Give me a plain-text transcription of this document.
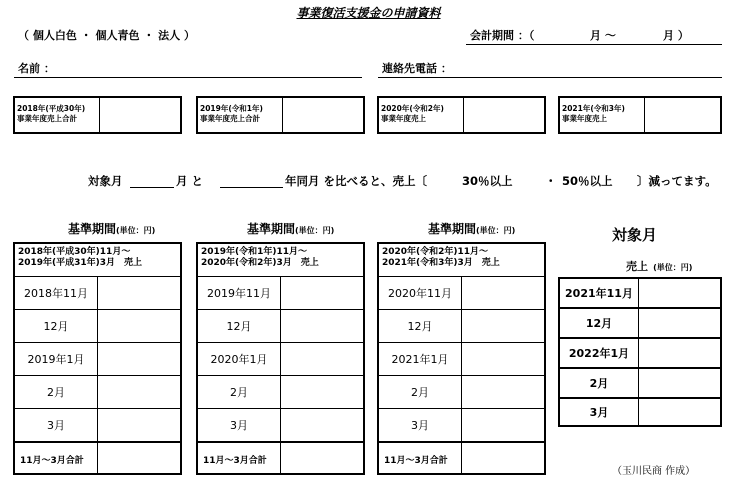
事業復活支援金の申請資料
（ 個人白色 ・ 個人青色 ・ 法人 ）	会計期間 ：（	月 〜	月 ）
名前 ：	連絡先電話 ：
2018年(平成30年)
事業年度売上合計
2019年(令和1年)
事業年度売上合計
2020年(令和2年)
事業年度売上
2021年(令和3年)
事業年度売上
対象月	月 と	年同月 を比べると、売上〔	30％以上	・ 50％以上 〕減ってます。
基準期間(単位：円)	基準期間(単位：円)	基準期間(単位：円)
2018年(平成30年)11月〜
2019年(平成31年)3月　売上
2018年11月
12月
2019年1月
2月
3月
11月〜3月合計
2019年(令和1年)11月〜
2020年(令和2年)3月　売上
2019年11月
12月
2020年1月
2月
3月
11月〜3月合計
2020年(令和2年)11月〜
2021年(令和3年)3月　売上
2020年11月
12月
2021年1月
2月
3月
11月〜3月合計
対象月
売上 (単位：円)
2021年11月
12月
2022年1月
2月
3月
（玉川民商 作成）
